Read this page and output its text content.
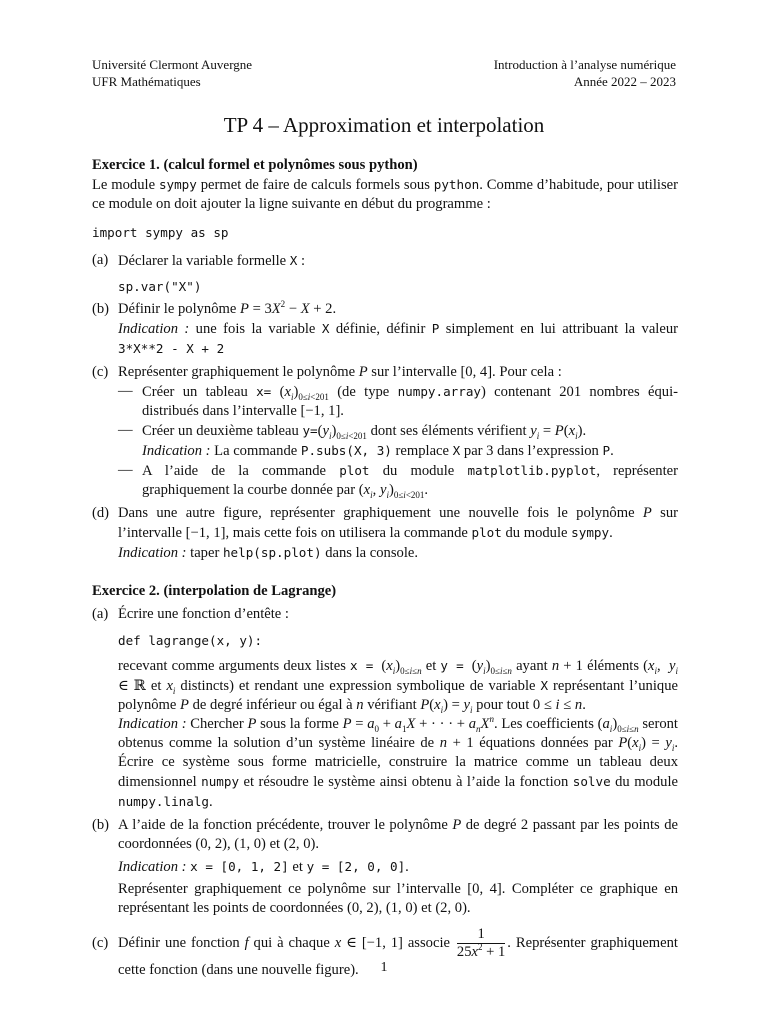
Université Clermont Auvergne
UFR Mathématiques
Introduction à l’analyse numérique
Année 2022 – 2023
TP 4 – Approximation et interpolation

Exercice 1. (calcul formel et polynômes sous python)

Le module sympy permet de faire de calculs formels sous python. Comme d’habitude, pour utiliser ce module on doit ajouter la ligne suivante en début du programme :

import sympy as sp

(a) Déclarer la variable formelle X :

sp.var("X")

(b) Définir le polynôme $P = 3X^2 - X + 2$.

Indication : une fois la variable X définie, définir P simplement en lui attribuant la valeur 3*X**2 - X + 2

(c) Représenter graphiquement le polynôme P sur l’intervalle [0, 4]. Pour cela :

— Créer un tableau $x= (x_i)_{0\le i<201}$ (de type numpy.array) contenant 201 nombres équi-distribués dans l’intervalle [−1, 1].
— Créer un deuxième tableau $y=(y_i)_{0\le i<201}$ dont ses éléments vérifient $y_i = P(x_i)$.
Indication : La commande P.subs(X, 3) remplace X par 3 dans l’expression P.
— A l’aide de la commande plot du module matplotlib.pyplot, représenter graphiquement la courbe donnée par ($x_i$, $y_i)_{0\le i<201}$.
(d) Dans une autre figure, représenter graphiquement une nouvelle fois le polynôme P sur l’intervalle [−1, 1], mais cette fois on utilisera la commande plot du module sympy.

Indication : taper help(sp.plot) dans la console.

Exercice 2. (interpolation de Lagrange)

(a) Écrire une fonction d’entête :

def lagrange(x, y):

recevant comme arguments deux listes $x = (x_i)_{0\le i\le n}$ et $y = (y_i)_{0\le i\le n}$ ayant n + 1 éléments ($x_i$,  $y_i$ ∈ ℝ et $x_i$ distincts) et rendant une expression symbolique de variable X représentant l’unique polynôme P de degré inférieur ou égal à n vérifiant $P(x_i) = y_i$ pour tout 0 ≤ i ≤ n.

Indication : Chercher P sous la forme $P = a_0 + a_1X$ + · · · + $a_nX^n$. Les coefficients $(a_i)_{0\le i\le n}$ seront obtenus comme la solution d’un système linéaire de n + 1 équations données par $P(x_i) = y_i$. Écrire ce système sous forme matricielle, construire la matrice comme un tableau deux dimensionnel numpy et résoudre le système ainsi obtenu à l’aide la fonction solve du module numpy.linalg.

(b) A l’aide de la fonction précédente, trouver le polynôme P de degré 2 passant par les points de coordonnées (0, 2), (1, 0) et (2, 0).

Indication : x = [0, 1, 2] et y = [2, 0, 0].

Représenter graphiquement ce polynôme sur l’intervalle [0, 4]. Compléter ce graphique en représentant les points de coordonnées (0, 2), (1, 0) et (2, 0).

(c) Définir une fonction f qui à chaque x ∈ [−1, 1] associe $\frac{1}{25x^2 + 1}$ . Représenter graphiquement cette fonction (dans une nouvelle figure).	1
